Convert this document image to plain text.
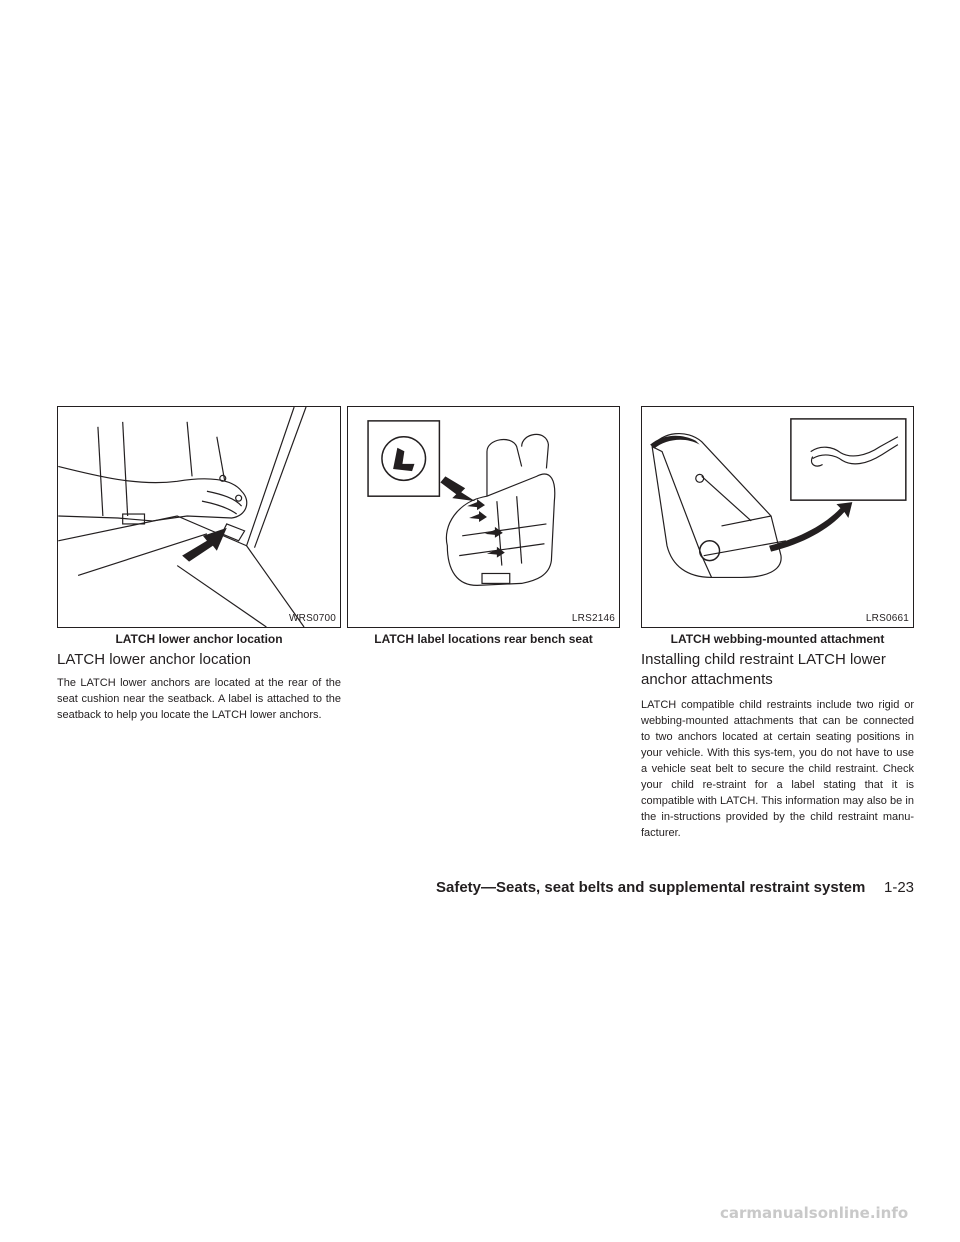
WRS0700
LATCH lower anchor location
LRS2146
LATCH label locations rear bench seat
LRS0661
LATCH webbing-mounted attachment
LATCH lower anchor location
The LATCH lower anchors are located at the rear of the seat cushion near the seatback. A label is attached to the seatback to help you locate the LATCH lower anchors.
Installing child restraint LATCH lower anchor attachments
LATCH compatible child restraints include two rigid or webbing-mounted attachments that can be connected to two anchors located at certain seating positions in your vehicle. With this sys-tem, you do not have to use a vehicle seat belt to secure the child restraint. Check your child re-straint for a label stating that it is compatible with LATCH. This information may also be in the in-structions provided by the child restraint manu-facturer.
Safety—Seats, seat belts and supplemental restraint system 1-23
carmanualsonline.info
